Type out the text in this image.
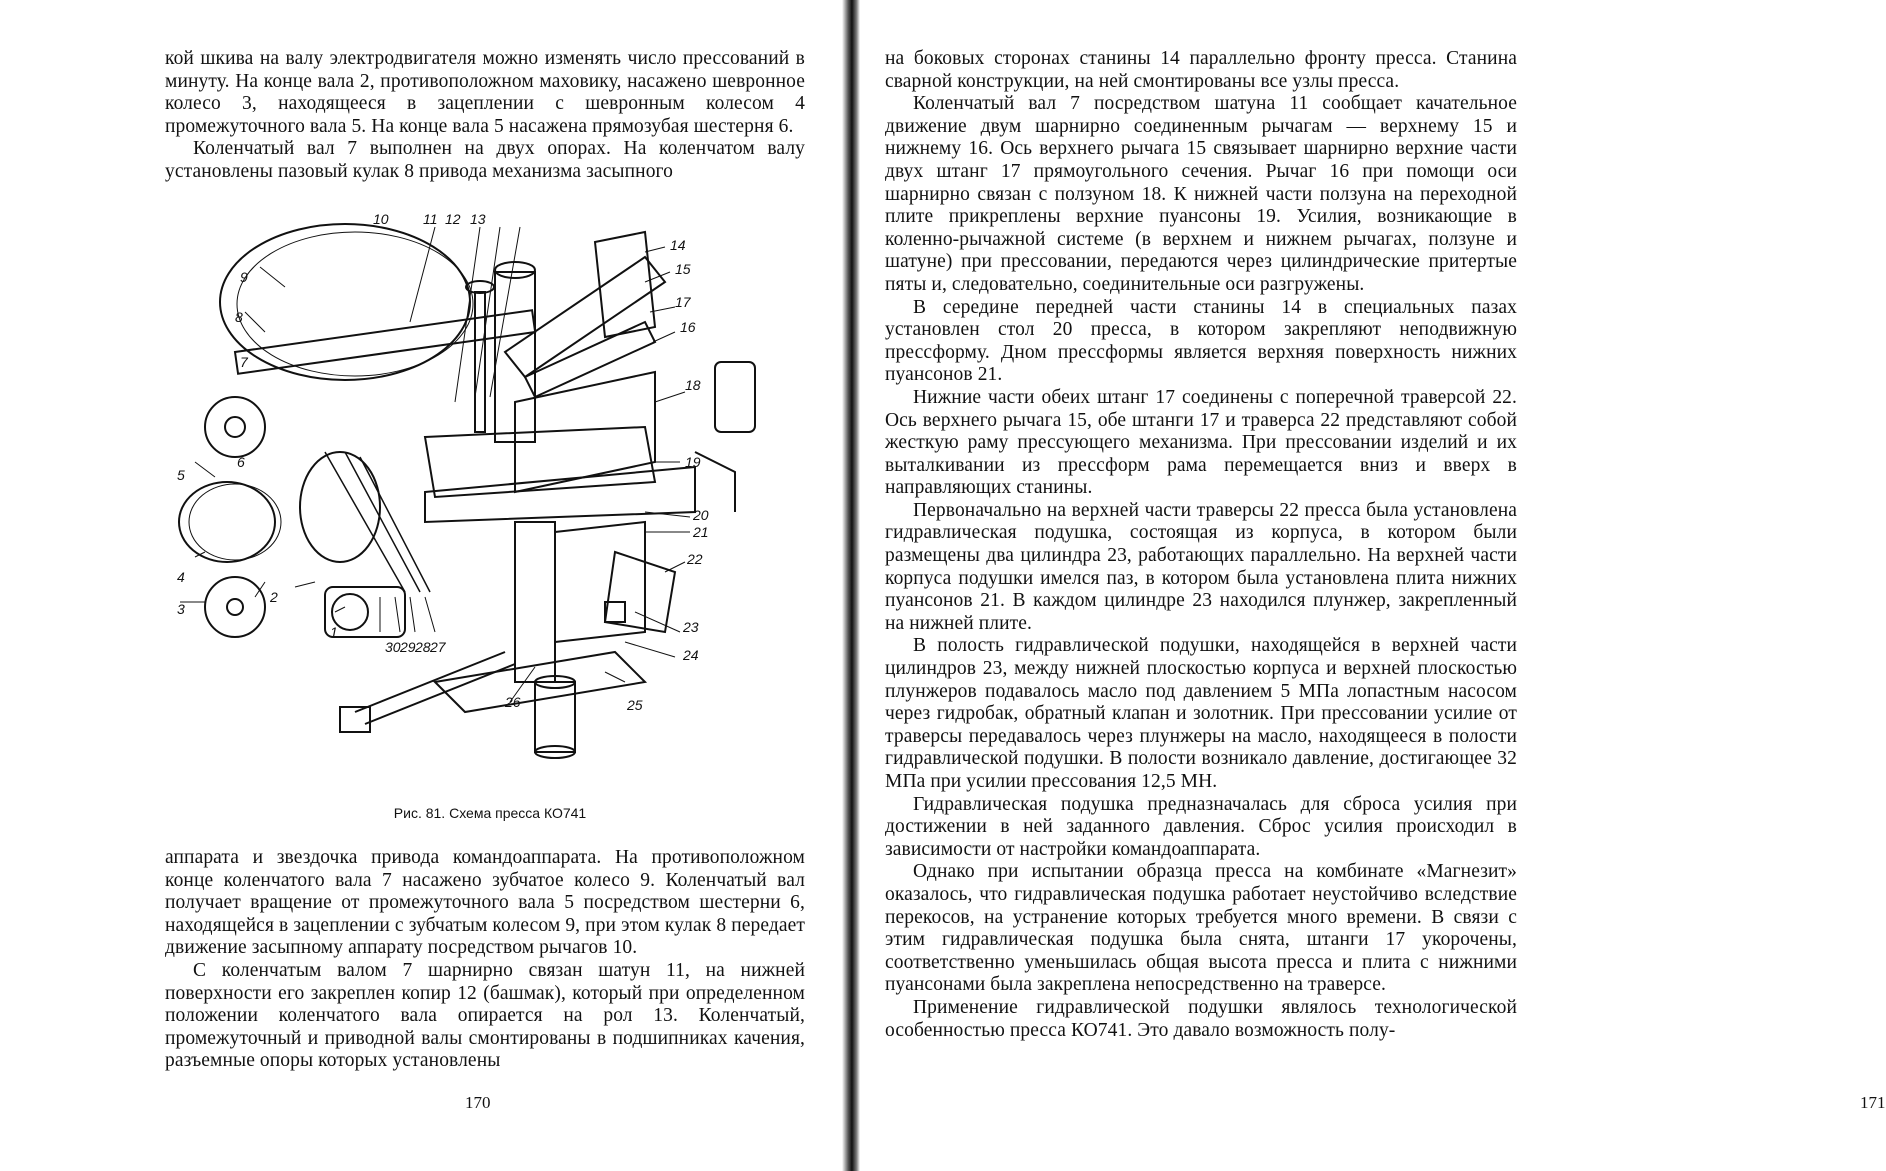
кой шкива на валу электродвигателя можно изменять число прессований в минуту. На конце вала 2, противоположном маховику, насажено шевронное колесо 3, находящееся в зацеплении с шевронным колесом 4 промежуточного вала 5. На конце вала 5 насажена прямозубая шестерня 6.

Коленчатый вал 7 выполнен на двух опорах. На коленчатом валу установлены пазовый кулак 8 привода механизма засыпного

1
2
3
4
5
6
7
8
9
10 11 12 13
14
15
16
17
18
19
20
21
22
23
24
25
26
27
28
29
30
Рис. 81. Схема пресса КО741

аппарата и звездочка привода командоаппарата. На противоположном конце коленчатого вала 7 насажено зубчатое колесо 9. Коленчатый вал получает вращение от промежуточного вала 5 посредством шестерни 6, находящейся в зацеплении с зубчатым колесом 9, при этом кулак 8 передает движение засыпному аппарату посредством рычагов 10.

С коленчатым валом 7 шарнирно связан шатун 11, на нижней поверхности его закреплен копир 12 (башмак), который при определенном положении коленчатого вала опирается на рол 13. Коленчатый, промежуточный и приводной валы смонтированы в подшипниках качения, разъемные опоры которых установлены

170

на боковых сторонах станины 14 параллельно фронту пресса. Станина сварной конструкции, на ней смонтированы все узлы пресса.

Коленчатый вал 7 посредством шатуна 11 сообщает качательное движение двум шарнирно соединенным рычагам — верхнему 15 и нижнему 16. Ось верхнего рычага 15 связывает шарнирно верхние части двух штанг 17 прямоугольного сечения. Рычаг 16 при помощи оси шарнирно связан с ползуном 18. К нижней части ползуна на переходной плите прикреплены верхние пуансоны 19. Усилия, возникающие в коленно-рычажной системе (в верхнем и нижнем рычагах, ползуне и шатуне) при прессовании, передаются через цилиндрические притертые пяты и, следовательно, соединительные оси разгружены.

В середине передней части станины 14 в специальных пазах установлен стол 20 пресса, в котором закрепляют неподвижную прессформу. Дном прессформы является верхняя поверхность нижних пуансонов 21.

Нижние части обеих штанг 17 соединены с поперечной траверсой 22. Ось верхнего рычага 15, обе штанги 17 и траверса 22 представляют собой жесткую раму прессующего механизма. При прессовании изделий и их выталкивании из прессформ рама перемещается вниз и вверх в направляющих станины.

Первоначально на верхней части траверсы 22 пресса была установлена гидравлическая подушка, состоящая из корпуса, в котором были размещены два цилиндра 23, работающих параллельно. На верхней части корпуса подушки имелся паз, в котором была установлена плита нижних пуансонов 21. В каждом цилиндре 23 находился плунжер, закрепленный на нижней плите.

В полость гидравлической подушки, находящейся в верхней части цилиндров 23, между нижней плоскостью корпуса и верхней плоскостью плунжеров подавалось масло под давлением 5 МПа лопастным насосом через гидробак, обратный клапан и золотник. При прессовании усилие от траверсы передавалось через плунжеры на масло, находящееся в полости гидравлической подушки. В полости возникало давление, достигающее 32 МПа при усилии прессования 12,5 МН.

Гидравлическая подушка предназначалась для сброса усилия при достижении в ней заданного давления. Сброс усилия происходил в зависимости от настройки командоаппарата.

Однако при испытании образца пресса на комбинате «Магнезит» оказалось, что гидравлическая подушка работает неустойчиво вследствие перекосов, на устранение которых требуется много времени. В связи с этим гидравлическая подушка была снята, штанги 17 укорочены, соответственно уменьшилась общая высота пресса и плита с нижними пуансонами была закреплена непосредственно на траверсе.

Применение гидравлической подушки являлось технологической особенностью пресса КО741. Это давало возможность полу-

171
